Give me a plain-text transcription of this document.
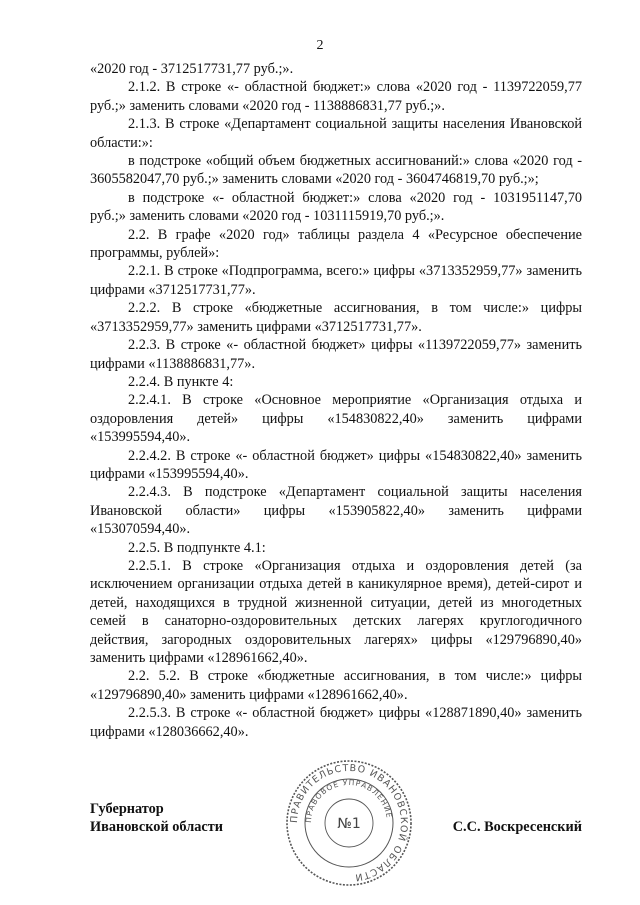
2

«2020 год - 3712517731,77 руб.;».

2.1.2. В строке «- областной бюджет:» слова «2020 год - 1139722059,77 руб.;» заменить словами «2020 год - 1138886831,77 руб.;».

2.1.3. В строке «Департамент социальной защиты населения Ивановской области:»:

в подстроке «общий объем бюджетных ассигнований:» слова «2020 год - 3605582047,70 руб.;» заменить словами «2020 год - 3604746819,70 руб.;»;

в подстроке «- областной бюджет:» слова «2020 год - 1031951147,70 руб.;» заменить словами «2020 год - 1031115919,70 руб.;».

2.2. В графе «2020 год» таблицы раздела 4 «Ресурсное обеспечение программы, рублей»:

2.2.1. В строке «Подпрограмма, всего:» цифры «3713352959,77» заменить цифрами «3712517731,77».

2.2.2. В строке «бюджетные ассигнования, в том числе:» цифры «3713352959,77» заменить цифрами «3712517731,77».

2.2.3. В строке «- областной бюджет» цифры «1139722059,77» заменить цифрами «1138886831,77».

2.2.4. В пункте 4:

2.2.4.1. В строке «Основное мероприятие «Организация отдыха и оздоровления детей» цифры «154830822,40» заменить цифрами «153995594,40».

2.2.4.2. В строке «- областной бюджет» цифры «154830822,40» заменить цифрами «153995594,40».

2.2.4.3. В подстроке «Департамент социальной защиты населения Ивановской области» цифры «153905822,40» заменить цифрами «153070594,40».

2.2.5. В подпункте 4.1:

2.2.5.1. В строке «Организация отдыха и оздоровления детей (за исключением организации отдыха детей в каникулярное время), детей-сирот и детей, находящихся в трудной жизненной ситуации, детей из многодетных семей в санаторно-оздоровительных детских лагерях круглогодичного действия, загородных оздоровительных лагерях» цифры «129796890,40» заменить цифрами «128961662,40».

2.2. 5.2. В строке «бюджетные ассигнования, в том числе:» цифры «129796890,40» заменить цифрами «128961662,40».

2.2.5.3. В строке «- областной бюджет» цифры «128871890,40» заменить цифрами «128036662,40».

Губернатор
Ивановской области
ПРАВИТЕЛЬСТВО ИВАНОВСКОЙ ОБЛАСТИ
ПРАВОВОЕ УПРАВЛЕНИЕ
№1	С.С. Воскресенский
